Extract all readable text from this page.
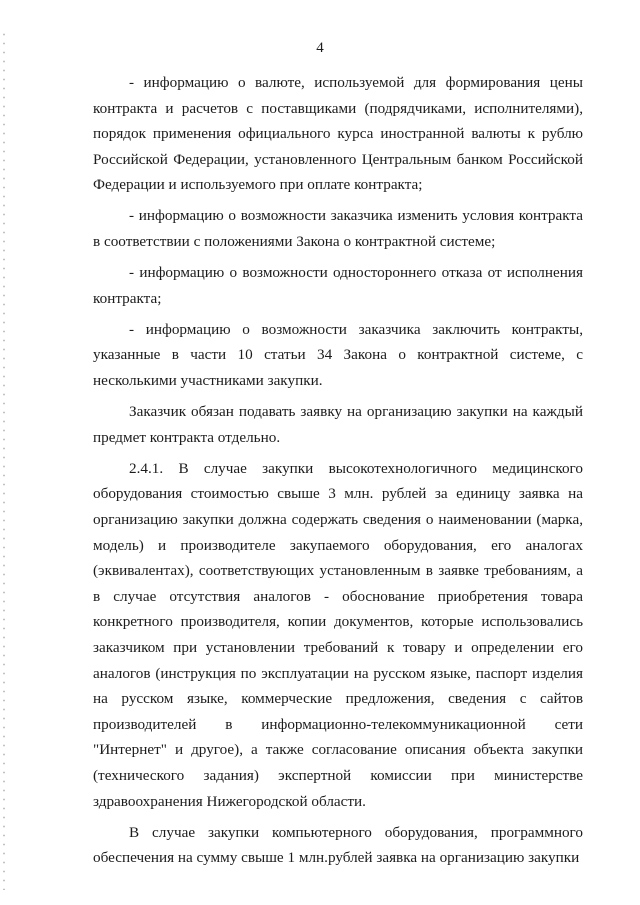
4

- информацию о валюте, используемой для формирования цены контракта и расчетов с поставщиками (подрядчиками, исполнителями), порядок применения официального курса иностранной валюты к рублю Российской Федерации, установленного Центральным банком Российской Федерации и используемого при оплате контракта;

- информацию о возможности заказчика изменить условия контракта в соответствии с положениями Закона о контрактной системе;

- информацию о возможности одностороннего отказа от исполнения контракта;

- информацию о возможности заказчика заключить контракты, указанные в части 10 статьи 34 Закона о контрактной системе, с несколькими участниками закупки.

Заказчик обязан подавать заявку на организацию закупки на каждый предмет контракта отдельно.

2.4.1. В случае закупки высокотехнологичного медицинского оборудования стоимостью свыше 3 млн. рублей за единицу заявка на организацию закупки должна содержать сведения о наименовании (марка, модель) и производителе закупаемого оборудования, его аналогах (эквивалентах), соответствующих установленным в заявке требованиям, а в случае отсутствия аналогов - обоснование приобретения товара конкретного производителя, копии документов, которые использовались заказчиком при установлении требований к товару и определении его аналогов (инструкция по эксплуатации на русском языке, паспорт изделия на русском языке, коммерческие предложения, сведения с сайтов производителей в информационно-телекоммуникационной сети "Интернет" и другое), а также согласование описания объекта закупки (технического задания) экспертной комиссии при министерстве здравоохранения Нижегородской области.

В случае закупки компьютерного оборудования, программного обеспечения на сумму свыше 1 млн.рублей заявка на организацию закупки
